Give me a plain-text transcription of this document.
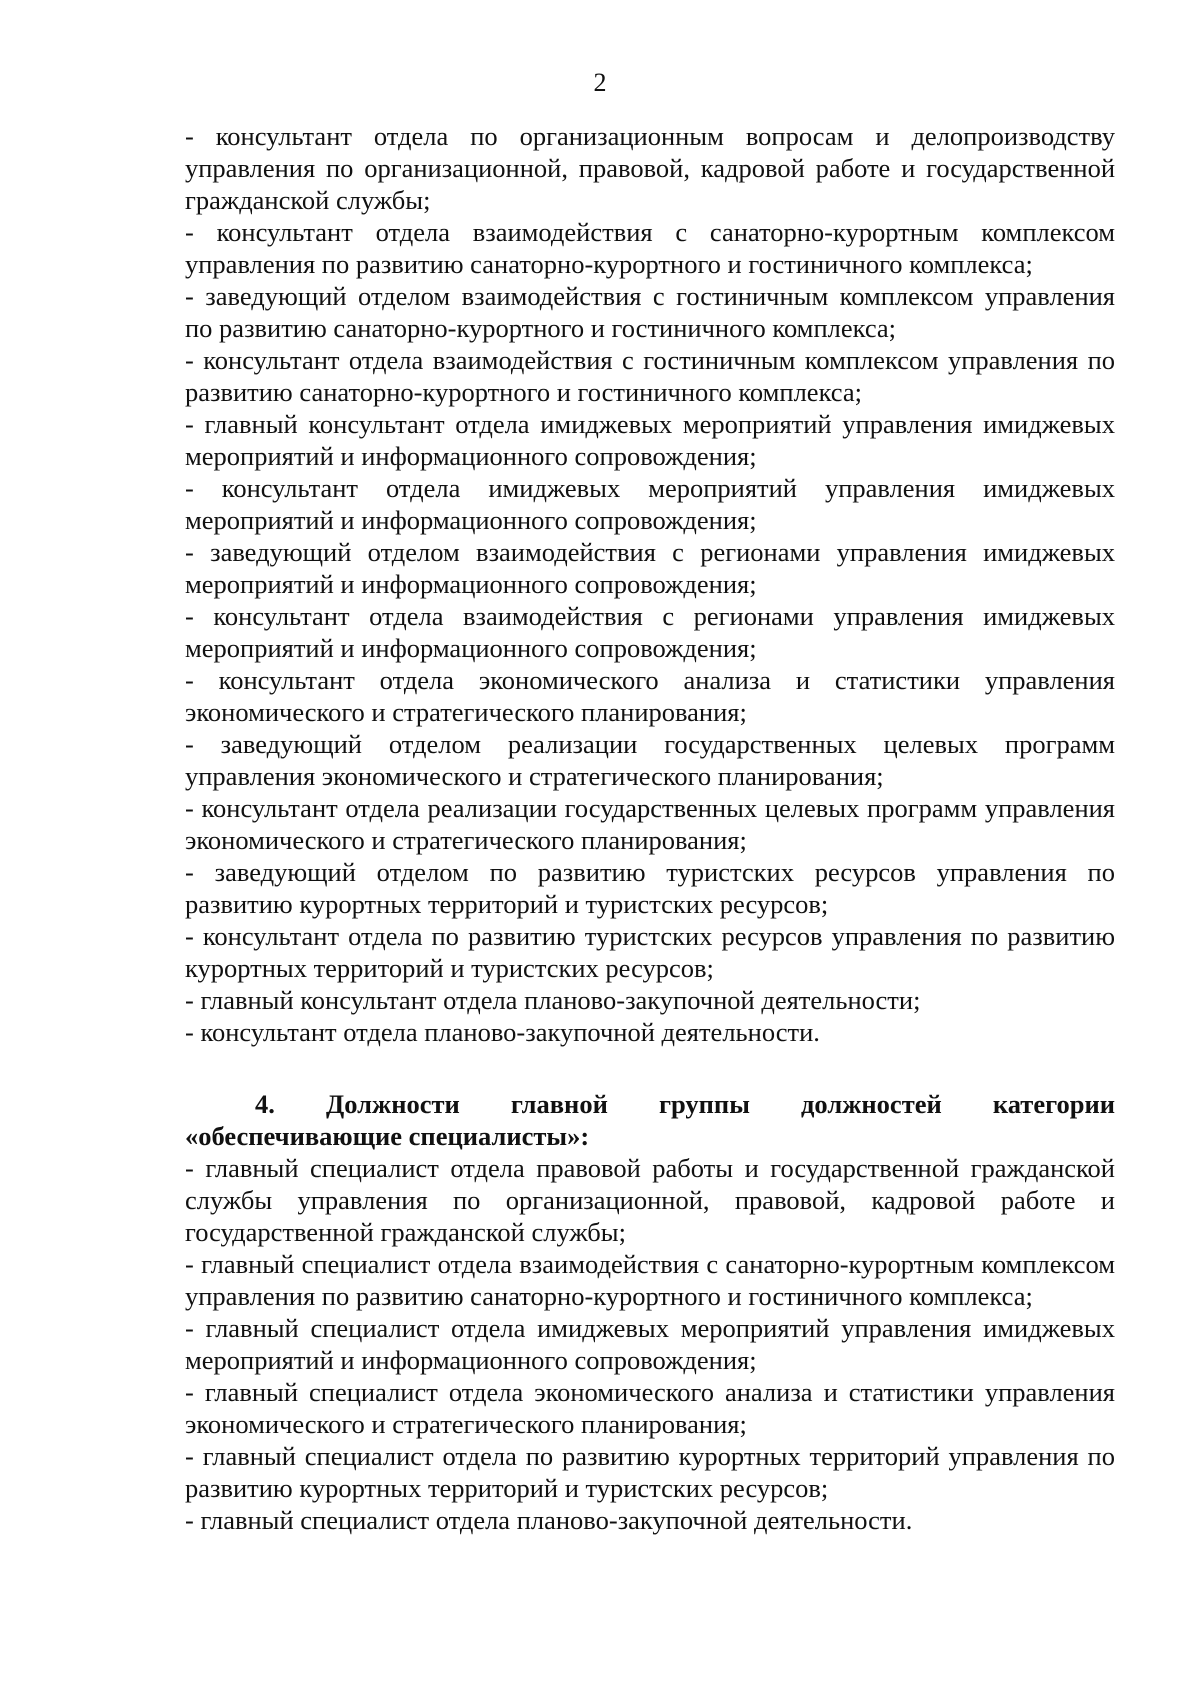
2

- консультант отдела по организационным вопросам и делопроизводству управления по организационной, правовой, кадровой работе и государственной гражданской службы;

- консультант отдела взаимодействия с санаторно-курортным комплексом управления по развитию санаторно-курортного и гостиничного комплекса;

- заведующий отделом взаимодействия с гостиничным комплексом управления по развитию санаторно-курортного и гостиничного комплекса;

- консультант отдела взаимодействия с гостиничным комплексом управления по развитию санаторно-курортного и гостиничного комплекса;

- главный консультант отдела имиджевых мероприятий управления имиджевых мероприятий и информационного сопровождения;

- консультант отдела имиджевых мероприятий управления имиджевых мероприятий и информационного сопровождения;

- заведующий отделом взаимодействия с регионами управления имиджевых мероприятий и информационного сопровождения;

- консультант отдела взаимодействия с регионами управления имиджевых мероприятий и информационного сопровождения;

- консультант отдела экономического анализа и статистики управления экономического и стратегического планирования;

- заведующий отделом реализации государственных целевых программ управления экономического и стратегического планирования;

- консультант отдела реализации государственных целевых программ управления экономического и стратегического планирования;

- заведующий отделом по развитию туристских ресурсов управления по развитию курортных территорий и туристских ресурсов;

- консультант отдела по развитию туристских ресурсов управления по развитию курортных территорий и туристских ресурсов;

- главный консультант отдела планово-закупочной деятельности;

- консультант отдела планово-закупочной деятельности.

4. Должности главной группы должностей категории «обеспечивающие специалисты»:

- главный специалист отдела правовой работы и государственной гражданской службы управления по организационной, правовой, кадровой работе и государственной гражданской службы;

- главный специалист отдела взаимодействия с санаторно-курортным комплексом управления по развитию санаторно-курортного и гостиничного комплекса;

- главный специалист отдела имиджевых мероприятий управления имиджевых мероприятий и информационного сопровождения;

- главный специалист отдела экономического анализа и статистики управления экономического и стратегического планирования;

- главный специалист отдела по развитию курортных территорий управления по развитию курортных территорий и туристских ресурсов;

- главный специалист отдела планово-закупочной деятельности.
